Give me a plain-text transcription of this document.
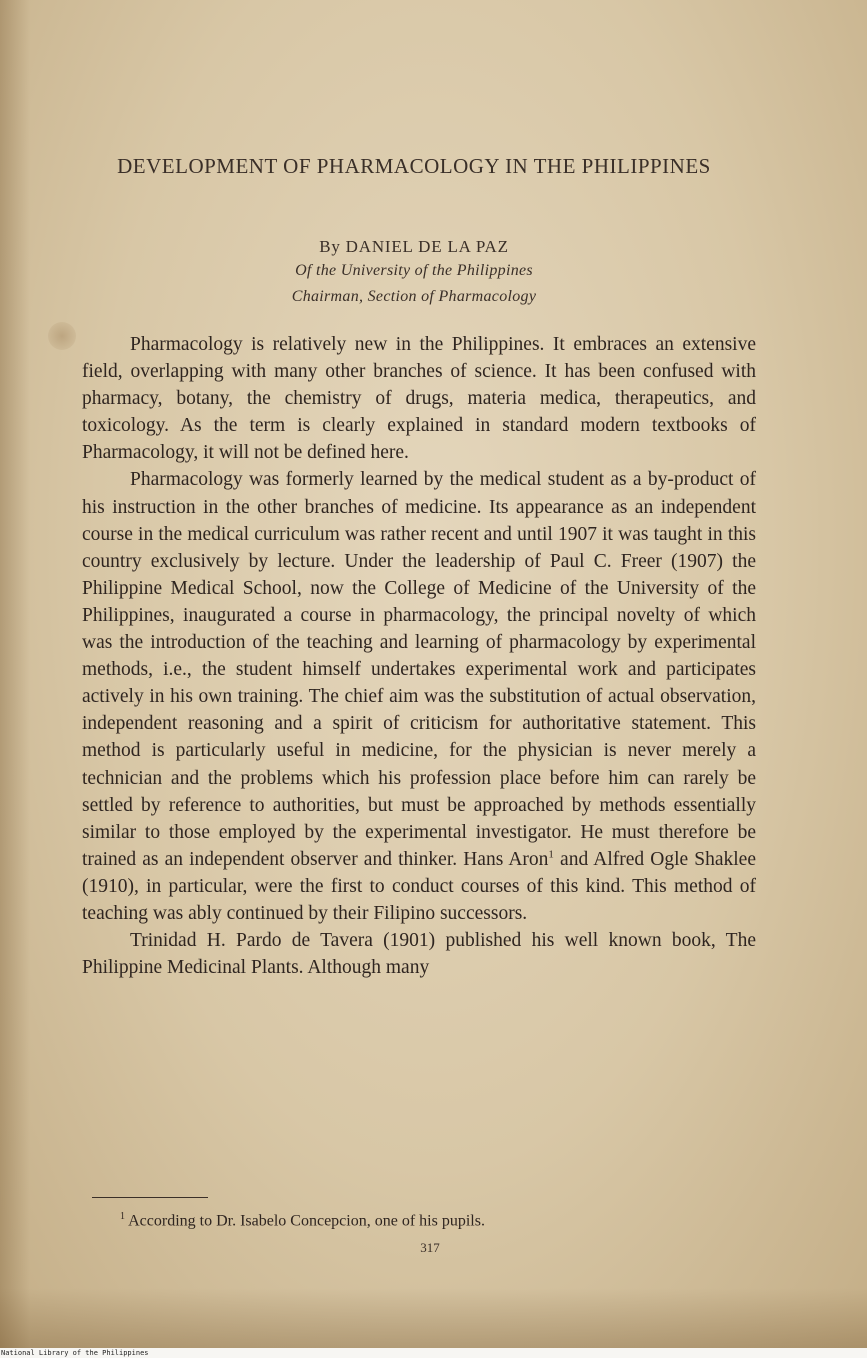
DEVELOPMENT OF PHARMACOLOGY IN THE PHILIPPINES
By DANIEL DE LA PAZ
Of the University of the Philippines
Chairman, Section of Pharmacology

Pharmacology is relatively new in the Philippines. It embraces an extensive field, overlapping with many other branches of science. It has been confused with pharmacy, botany, the chemistry of drugs, materia medica, therapeutics, and toxicology. As the term is clearly explained in standard modern textbooks of Pharmacology, it will not be defined here.

Pharmacology was formerly learned by the medical student as a by-product of his instruction in the other branches of medicine. Its appearance as an independent course in the medical curriculum was rather recent and until 1907 it was taught in this country exclusively by lecture. Under the leadership of Paul C. Freer (1907) the Philippine Medical School, now the College of Medicine of the University of the Philippines, inaugurated a course in pharmacology, the principal novelty of which was the introduction of the teaching and learning of pharmacology by experimental methods, i.e., the student himself undertakes experimental work and participates actively in his own training. The chief aim was the substitution of actual observation, independent reasoning and a spirit of criticism for authoritative statement. This method is particularly useful in medicine, for the physician is never merely a technician and the problems which his profession place before him can rarely be settled by reference to authorities, but must be approached by methods essentially similar to those employed by the experimental investigator. He must therefore be trained as an independent observer and thinker. Hans Aron$^1$ and Alfred Ogle Shaklee (1910), in particular, were the first to conduct courses of this kind. This method of teaching was ably continued by their Filipino successors.

Trinidad H. Pardo de Tavera (1901) published his well known book, The Philippine Medicinal Plants. Although many

$^1$ According to Dr. Isabelo Concepcion, one of his pupils.
317
National Library of the Philippines
